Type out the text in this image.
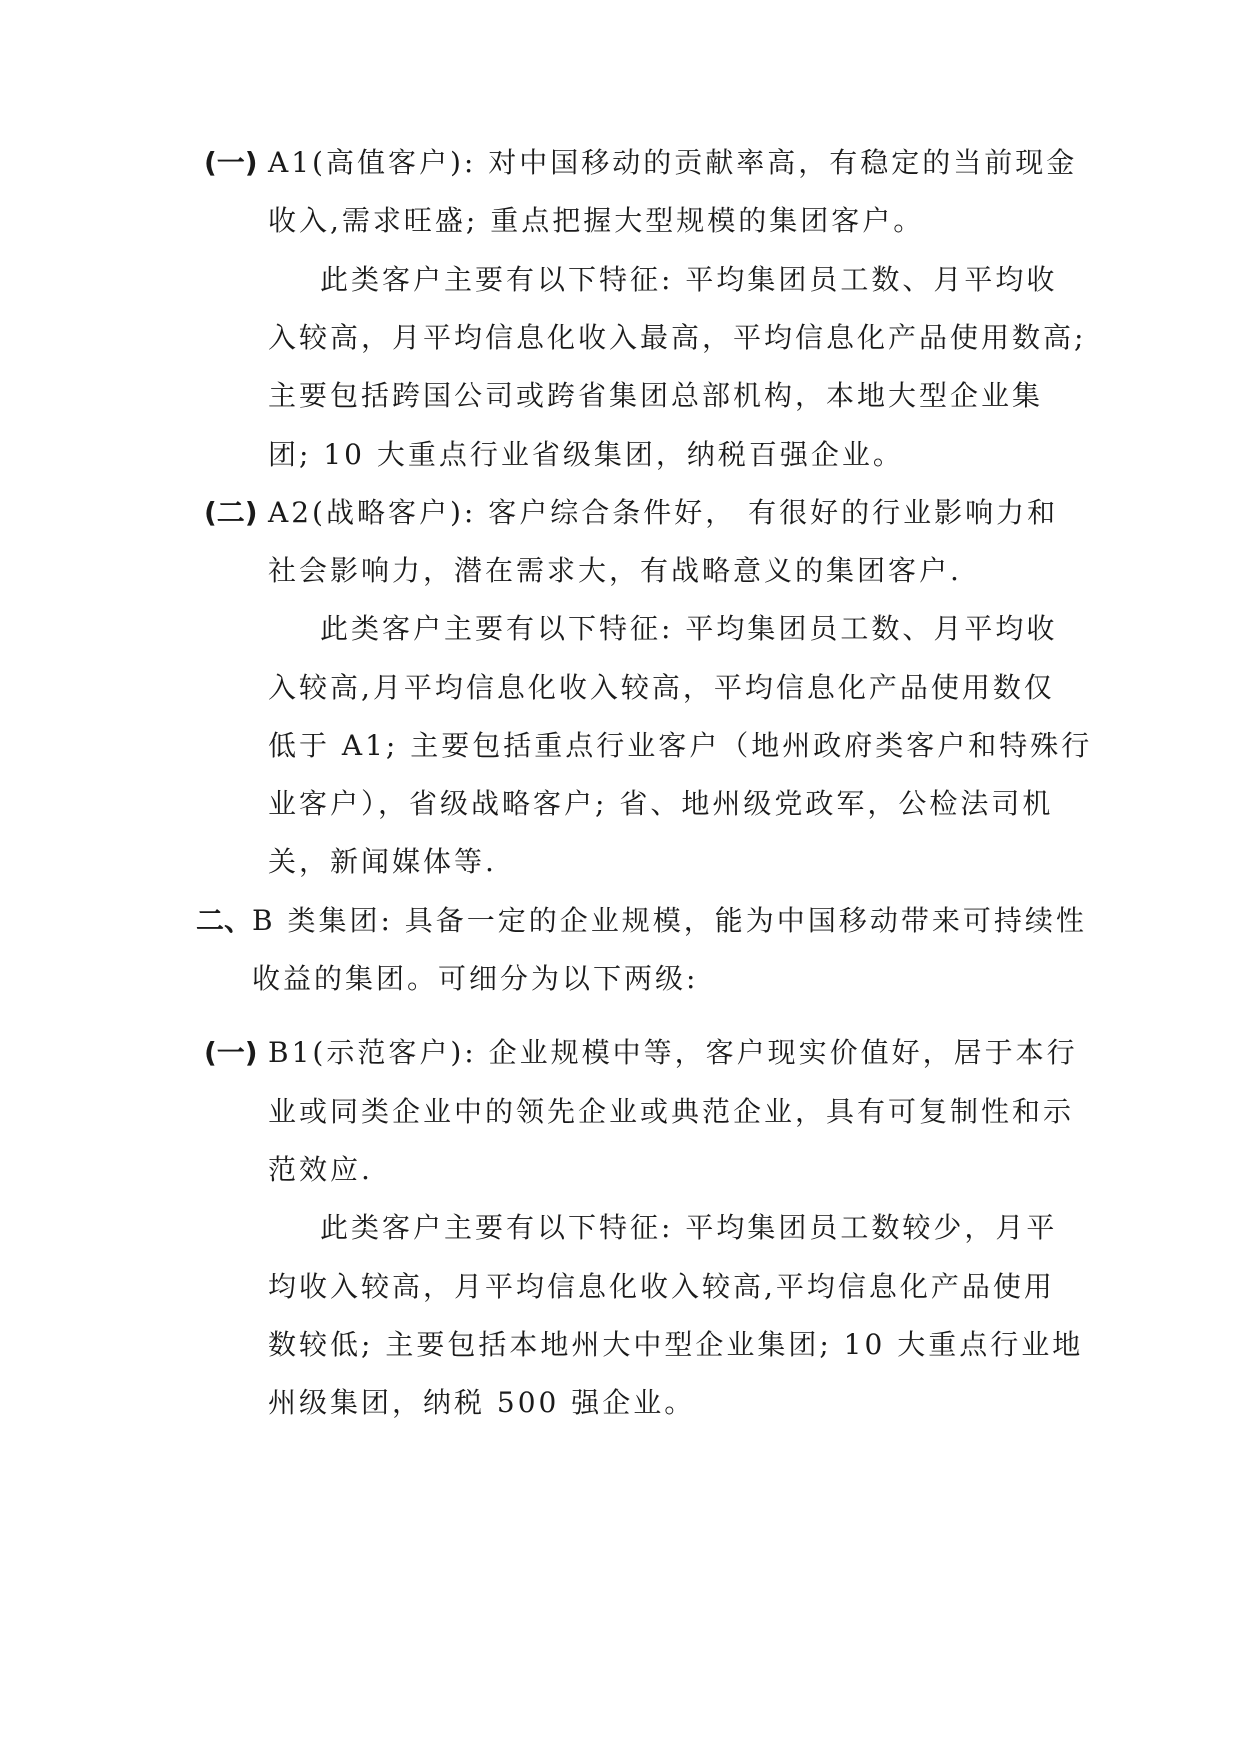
(一) A1(高值客户): 对中国移动的贡献率高，有稳定的当前现金
收入,需求旺盛; 重点把握大型规模的集团客户。
此类客户主要有以下特征: 平均集团员工数、月平均收
入较高，月平均信息化收入最高，平均信息化产品使用数高;
主要包括跨国公司或跨省集团总部机构，本地大型企业集
团; 10 大重点行业省级集团，纳税百强企业。
(二) A2(战略客户): 客户综合条件好， 有很好的行业影响力和
社会影响力，潜在需求大，有战略意义的集团客户.
此类客户主要有以下特征: 平均集团员工数、月平均收
入较高,月平均信息化收入较高，平均信息化产品使用数仅
低于 A1; 主要包括重点行业客户（地州政府类客户和特殊行
业客户），省级战略客户; 省、地州级党政军，公检法司机
关，新闻媒体等.
二、 B 类集团: 具备一定的企业规模，能为中国移动带来可持续性
收益的集团。可细分为以下两级:
(一) B1(示范客户): 企业规模中等，客户现实价值好，居于本行
业或同类企业中的领先企业或典范企业，具有可复制性和示
范效应.
此类客户主要有以下特征: 平均集团员工数较少，月平
均收入较高，月平均信息化收入较高,平均信息化产品使用
数较低; 主要包括本地州大中型企业集团; 10 大重点行业地
州级集团，纳税 500 强企业。
